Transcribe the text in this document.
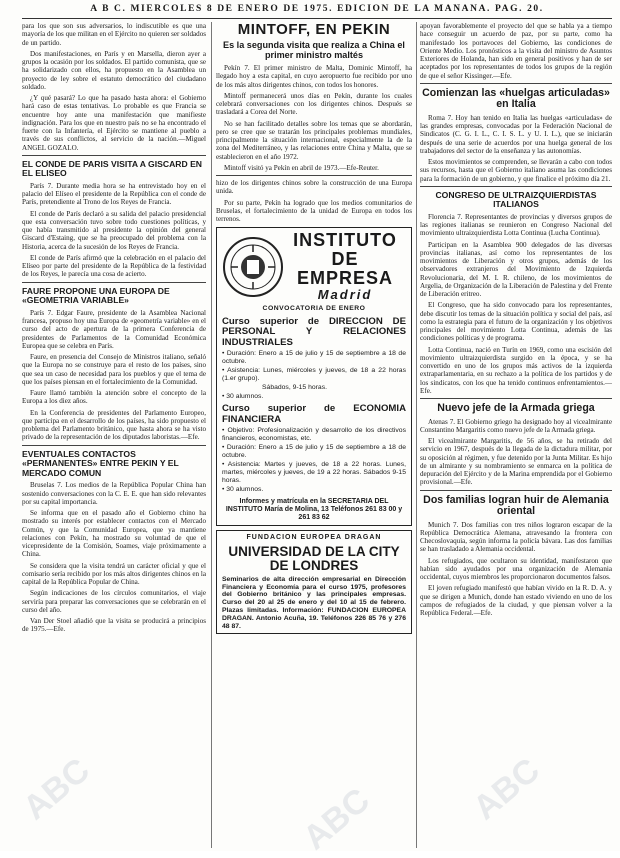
A B C. MIERCOLES 8 DE ENERO DE 1975. EDICION DE LA MAÑANA. PAG. 20.

para los que son sus adversarios, lo indiscutible es que una mayoría de los que militan en el Ejército no quieren ser soldados de un partido.

Dos manifestaciones, en París y en Marsella, dieron ayer a grupos la ocasión por los soldados. El partido comunista, que se ha solidarizado con ellos, ha propuesto en la Asamblea un proyecto de ley sobre el estatuto democrático del ciudadano soldado.

¿Y qué pasará? Lo que ha pasado hasta ahora: el Gobierno hará caso de estas tentativas. Lo probable es que Francia se encuentre hoy ante una manifestación que manifieste indignación. Para los que en nuestro país no se ha encontrado el fuerte con la Infantería, el Ejército se mantiene al pueblo a través de sus conflictos, al servicio de la nación.—Miguel ANGEL GOZALO.

EL CONDE DE PARIS VISITA A GISCARD EN EL ELISEO

París 7. Durante media hora se ha entrevistado hoy en el palacio del Elíseo el presidente de la República con el conde de París, pretendiente al Trono de los Reyes de Francia.

El conde de París declaró a su salida del palacio presidencial que esta conversación tuvo sobre todo cuestiones políticas, y que había transmitido al presidente la opinión del general Giscard d'Estaing, que se ha preocupado del problema con la Historia, acerca de la sucesión de los Reyes de Francia.

El conde de París afirmó que la celebración en el palacio del Elíseo por parte del presidente de la República de la festividad de los Reyes, le parecía una cosa de acierto.

FAURE PROPONE UNA EUROPA DE «GEOMETRIA VARIABLE»

París 7. Edgar Faure, presidente de la Asamblea Nacional francesa, propuso hoy una Europa de «geometría variable» en el curso del acto de apertura de la primera Conferencia de presidentes de Parlamentos de la Comunidad Económica Europea que se celebra en París.

Faure, en presencia del Consejo de Ministros italiano, señaló que la Europa no se construye para el resto de los países, sino que sea un caso de necesidad para los pueblos y que el tema de que los países piensan en el fortalecimiento de la Comunidad.

Faure llamó también la atención sobre el concepto de la Europa a los diez años.

En la Conferencia de presidentes del Parlamento Europeo, que participa en el desarrollo de los países, ha sido propuesto el problema del Parlamento británico, que hasta ahora se ha visto privado de la representación de los diputados laboristas.—Efe.

EVENTUALES CONTACTOS «PERMANENTES» ENTRE PEKIN Y EL MERCADO COMUN

Bruselas 7. Los medios de la República Popular China han sostenido conversaciones con la C. E. E. que han sido relevantes por su capital importancia.

Se informa que en el pasado año el Gobierno chino ha mostrado su interés por establecer contactos con el Mercado Común, y que la Comunidad Europea, que ya mantiene relaciones con Pekín, ha mostrado su voluntad de que el vicepresidente de la Comisión, Soames, viaje próximamente a China.

Se considera que la visita tendrá un carácter oficial y que el comisario sería recibido por los más altos dirigentes chinos en la capital de la República Popular de China.

Según indicaciones de los círculos comunitarios, el viaje serviría para preparar las conversaciones que se celebrarán en el curso del año.

Van Der Stoel añadió que la visita se producirá a principios de 1975.—Efe.

MINTOFF, EN PEKIN
Es la segunda visita que realiza a China el primer ministro maltés

Pekín 7. El primer ministro de Malta, Dominic Mintoff, ha llegado hoy a esta capital, en cuyo aeropuerto fue recibido por uno de los más altos dirigentes chinos, con todos los honores.

Mintoff permanecerá unos días en Pekín, durante los cuales celebrará conversaciones con los dirigentes chinos. Después se trasladará a Corea del Norte.

No se han facilitado detalles sobre los temas que se abordarán, pero se cree que se tratarán los principales problemas mundiales, principalmente la situación internacional, especialmente la de la zona del Mediterráneo, y las relaciones entre China y Malta, que se establecieron en el año 1972.

Mintoff visitó ya Pekín en abril de 1973.—Efe-Reuter.

hizo de los dirigentes chinos sobre la construcción de una Europa unida.

Por su parte, Pekín ha logrado que los medios comunitarios de Bruselas, el fortalecimiento de la unidad de Europa en todos los terrenos.

INSTITUTO
DE
EMPRESA
Madrid
CONVOCATORIA DE ENERO
Curso superior de DIRECCION DE PERSONAL Y RELACIONES INDUSTRIALES
• Duración: Enero a 15 de julio y 15 de septiembre a 18 de octubre.
• Asistencia: Lunes, miércoles y jueves, de 18 a 22 horas (1.er grupo).
Sábados, 9-15 horas.
• 30 alumnos.
Curso superior de ECONOMIA FINANCIERA
• Objetivo: Profesionalización y desarrollo de los directivos financieros, economistas, etc.
• Duración: Enero a 15 de julio y 15 de septiembre a 18 de octubre.
• Asistencia: Martes y jueves, de 18 a 22 horas. Lunes, martes, miércoles y jueves, de 19 a 22 horas. Sábados 9-15 horas.
• 30 alumnos.
Informes y matrícula en la SECRETARIA DEL INSTITUTO María de Molina, 13 Teléfonos 261 83 00 y 261 83 62
FUNDACION EUROPEA DRAGAN
UNIVERSIDAD DE LA CITY DE LONDRES
Seminarios de alta dirección empresarial en Dirección Financiera y Economía para el curso 1975, profesores del Gobierno británico y las principales empresas. Curso del 20 al 25 de enero y del 10 al 15 de febrero. Plazas limitadas. Información: FUNDACION EUROPEA DRAGAN. Antonio Acuña, 19. Teléfonos 226 85 76 y 276 48 87.

apoyan favorablemente el proyecto del que se habla ya a tiempo hace conseguir un acuerdo de paz, por su parte, como ha manifestado los portavoces del Gobierno, las condiciones de Oriente Medio. Los pronósticos a la visita del ministro de Asuntos Exteriores de Holanda, han sido en general positivos y han de ser aceptados por los representantes de todos los grupos de la región de que el señor Kissinger.—Efe.

Comienzan las «huelgas articuladas» en Italia

Roma 7. Hoy han tenido en Italia las huelgas «articuladas» de las grandes empresas, convocadas por la Federación Nacional de Sindicatos (C. G. I. L., C. I. S. L. y U. I. L.), que se iniciarán después de una serie de acuerdos por una huelga general de los trabajadores del sector de la enseñanza y las autonomías.

Estos movimientos se comprenden, se llevarán a cabo con todos sus recursos, hasta que el Gobierno italiano asuma las condiciones para la formación de un gobierno, y que finalice el próximo día 21.

CONGRESO DE ULTRAIZQUIERDISTAS ITALIANOS

Florencia 7. Representantes de provincias y diversos grupos de las regiones italianas se reunieron en Congreso Nacional del movimiento ultraizquierdista Lotta Continua (Lucha Continua).

Participan en la Asamblea 900 delegados de las diversas provincias italianas, así como los representantes de los movimientos de Liberación y otros grupos, además de los observadores extranjeros del Movimiento de Izquierda Revolucionaria, del M. I. R. chileno, de los movimientos de Argelia, de Organización de la Liberación de Palestina y del Frente de Liberación eritreo.

El Congreso, que ha sido convocado para los representantes, debe discutir los temas de la situación política y social del país, así como la estrategia para el futuro de la organización y los objetivos principales del movimiento Lotta Continua, además de las condiciones políticas y de programa.

Lotta Continua, nació en Turín en 1969, como una escisión del movimiento ultraizquierdista surgido en la época, y se ha convertido en uno de los grupos más activos de la izquierda extraparlamentaria, en su rechazo a la política de los partidos y de los sindicatos, con los que ha tenido continuos enfrentamientos.—Efe.

Nuevo jefe de la Armada griega

Atenas 7. El Gobierno griego ha designado hoy al vicealmirante Constantino Margaritis como nuevo jefe de la Armada griega.

El vicealmirante Margaritis, de 56 años, se ha retirado del servicio en 1967, después de la llegada de la dictadura militar, por su oposición al régimen, y fue detenido por la Junta Militar. Es hijo de un almirante y su nombramiento se enmarca en la política de depuración del Ejército y de la Marina emprendida por el Gobierno provisional.—Efe.

Dos familias logran huir de Alemania oriental

Munich 7. Dos familias con tres niños lograron escapar de la República Democrática Alemana, atravesando la frontera con Checoslovaquia, según informa la policía bávara. Las dos familias se han trasladado a Alemania occidental.

Los refugiados, que ocultaron su identidad, manifestaron que habían sido ayudados por una organización de Alemania occidental, cuyos miembros les proporcionaron documentos falsos.

El joven refugiado manifestó que habían vivido en la R. D. A. y que se dirigen a Munich, donde han estado viviendo en uno de los campos de refugiados de la ciudad, y que piensan volver a la República Federal.—Efe.

ABC	ABC	ABC
